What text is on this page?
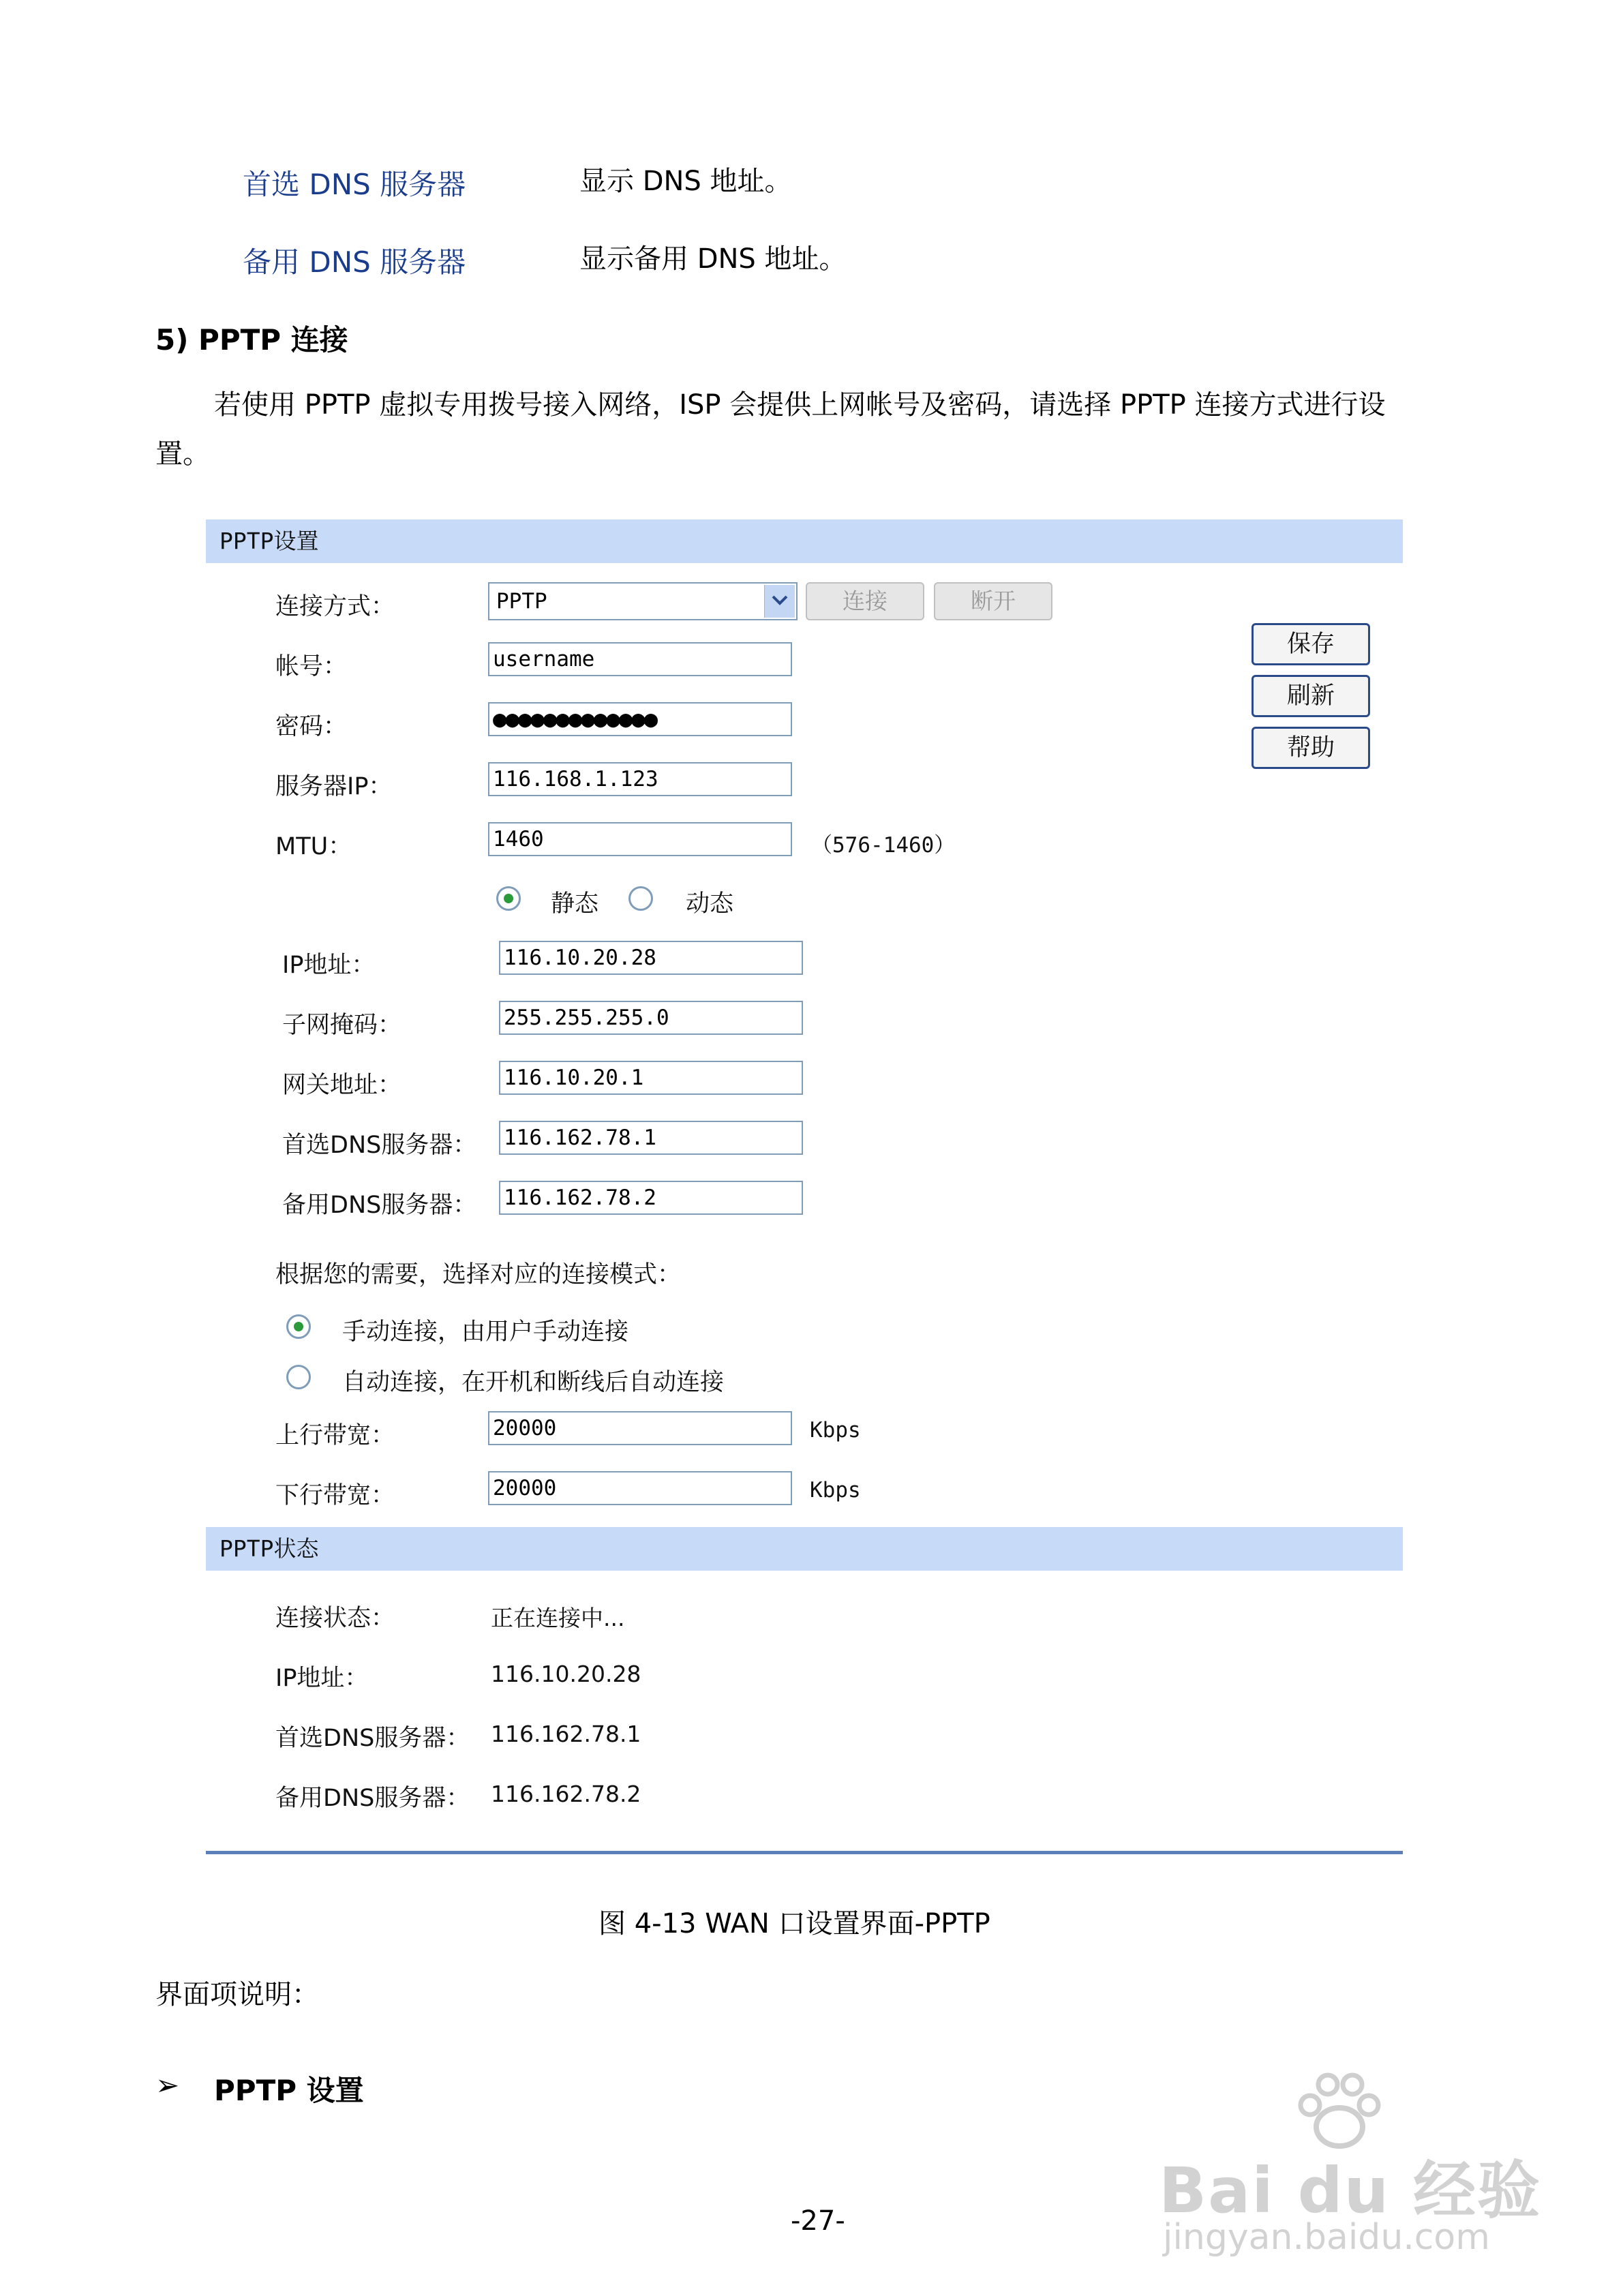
首选 DNS 服务器	显示 DNS 地址。
备用 DNS 服务器	显示备用 DNS 地址。
5) PPTP 连接
若使用 PPTP 虚拟专用拨号接入网络，ISP 会提供上网帐号及密码，请选择 PPTP 连接方式进行设
置。
PPTP设置
连接方式：	PPTP	连接	断开
保存
刷新
帮助
帐号：	username
密码：	●●●●●●●●●●●●●
服务器IP：	116.168.1.123
MTU：	1460	（576-1460）
静态	动态
IP地址：	116.10.20.28
子网掩码：	255.255.255.0
网关地址：	116.10.20.1
首选DNS服务器： 116.162.78.1
备用DNS服务器： 116.162.78.2
根据您的需要，选择对应的连接模式：
手动连接，由用户手动连接
自动连接，在开机和断线后自动连接
上行带宽：	20000	Kbps
下行带宽：	20000	Kbps
PPTP状态
连接状态：	正在连接中...
IP地址：	116.10.20.28
首选DNS服务器： 116.162.78.1
备用DNS服务器： 116.162.78.2
图 4-13 WAN 口设置界面-PPTP
界面项说明：
➢ PPTP 设置
-27-	Bai du 经验
jingyan.baidu.com
